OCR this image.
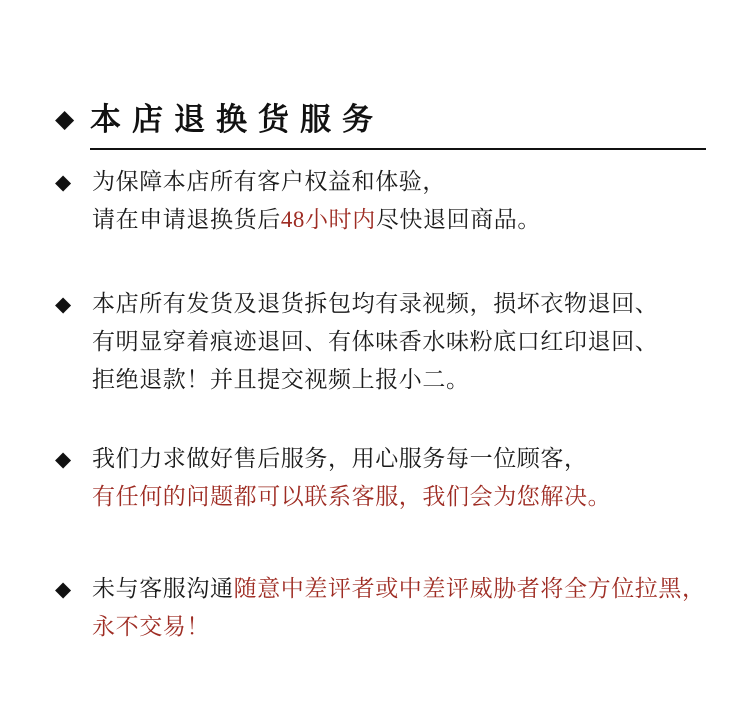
◆ 本店退换货服务
◆ 为保障本店所有客户权益和体验，

请在申请退换货后48小时内尽快退回商品。

◆ 本店所有发货及退货拆包均有录视频，损坏衣物退回、

有明显穿着痕迹退回、有体味香水味粉底口红印退回、

拒绝退款！并且提交视频上报小二。

◆ 我们力求做好售后服务，用心服务每一位顾客，

有任何的问题都可以联系客服，我们会为您解决。

◆ 未与客服沟通随意中差评者或中差评威胁者将全方位拉黑，

永不交易！
